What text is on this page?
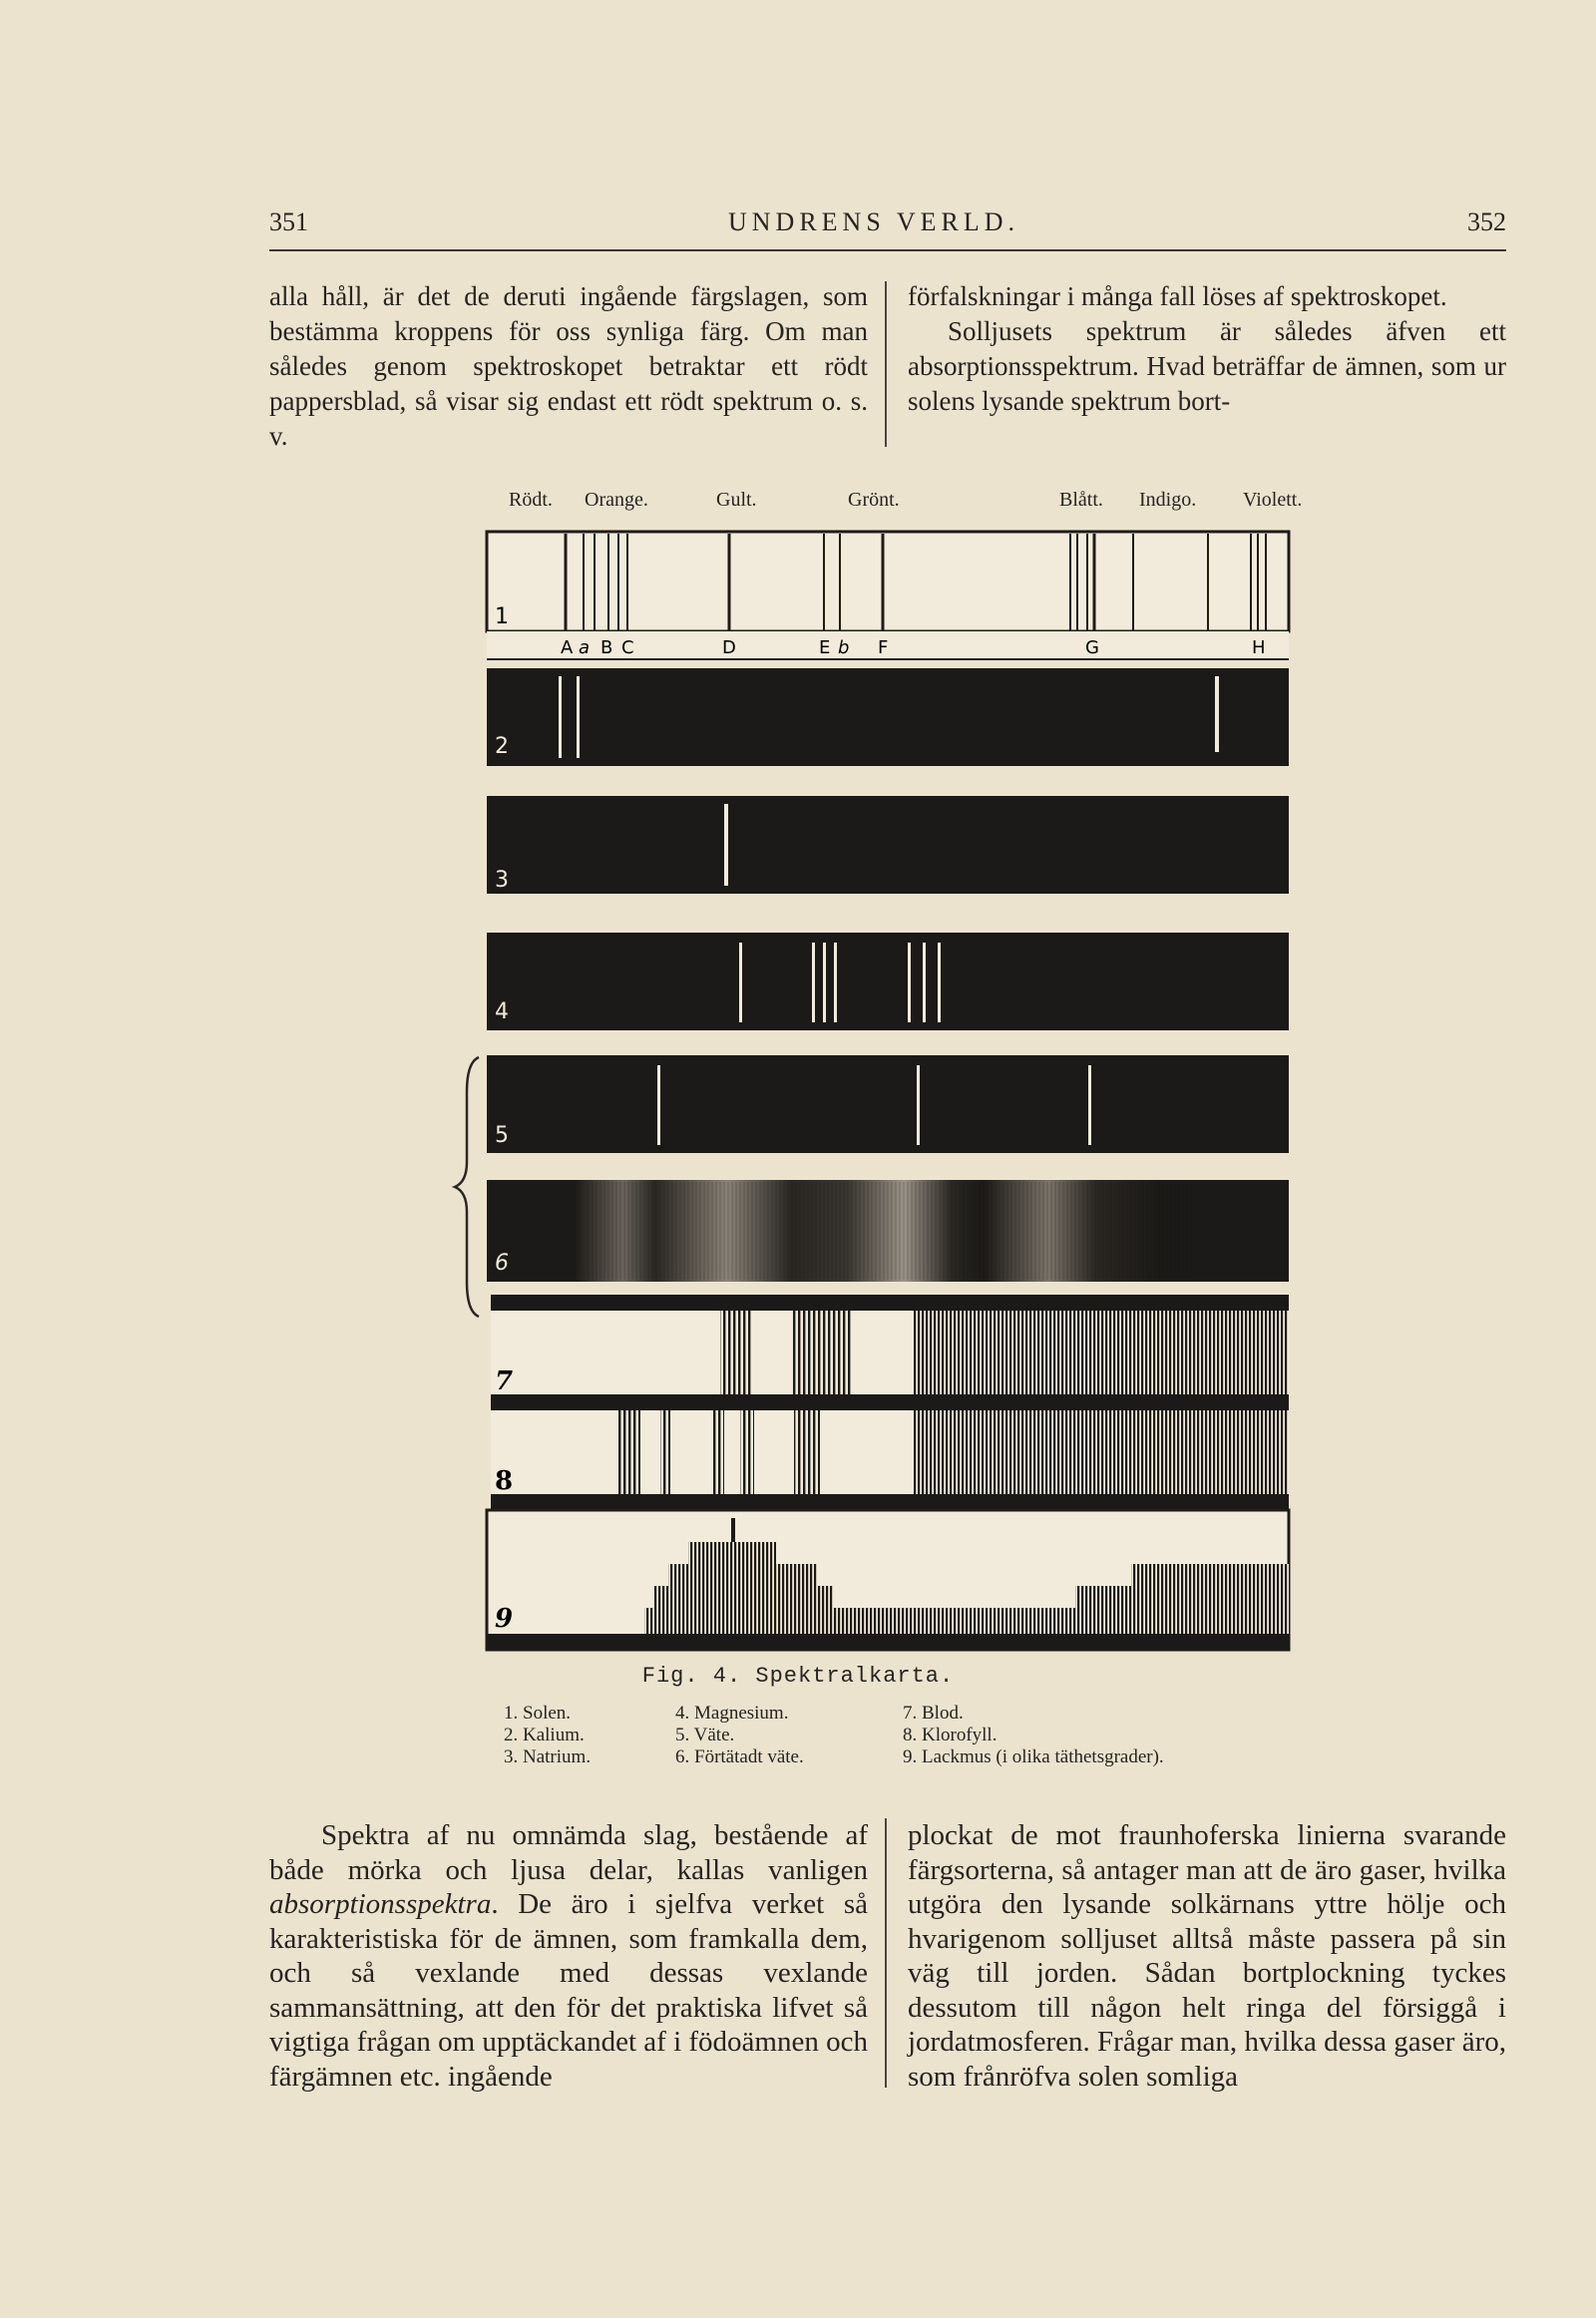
351	UNDRENS VERLD.	352

alla håll, är det de deruti ingående färgslagen, som bestämma kroppens för oss synliga färg. Om man således genom spektroskopet betraktar ett rödt pappersblad, så visar sig endast ett rödt spektrum o. s. v.

förfalskningar i många fall löses af spektroskopet.

Solljusets spektrum är således äfven ett absorptionsspektrum. Hvad beträffar de ämnen, som ur solens lysande spektrum bort-

Rödt. Orange.	Gult.	Grönt.	Blått. Indigo. Violett.
1
A a B C	D	E b F	G	H
2
3
4
5
6
7
8
9
Fig. 4. Spektralkarta.
1. Solen.
2. Kalium.
3. Natrium.
4. Magnesium.
5. Väte.
6. Förtätadt väte.
7. Blod.
8. Klorofyll.
9. Lackmus (i olika täthetsgrader).

Spektra af nu omnämda slag, bestående af både mörka och ljusa delar, kallas vanligen absorptionsspektra. De äro i sjelfva verket så karakteristiska för de ämnen, som framkalla dem, och så vexlande med dessas vexlande sammansättning, att den för det praktiska lifvet så vigtiga frågan om upptäckandet af i födoämnen och färgämnen etc. ingående

plockat de mot fraunhoferska linierna svarande färgsorterna, så antager man att de äro gaser, hvilka utgöra den lysande solkärnans yttre hölje och hvarigenom solljuset alltså måste passera på sin väg till jorden. Sådan bortplockning tyckes dessutom till någon helt ringa del försiggå i jordatmosferen. Frågar man, hvilka dessa gaser äro, som frånröfva solen somliga
